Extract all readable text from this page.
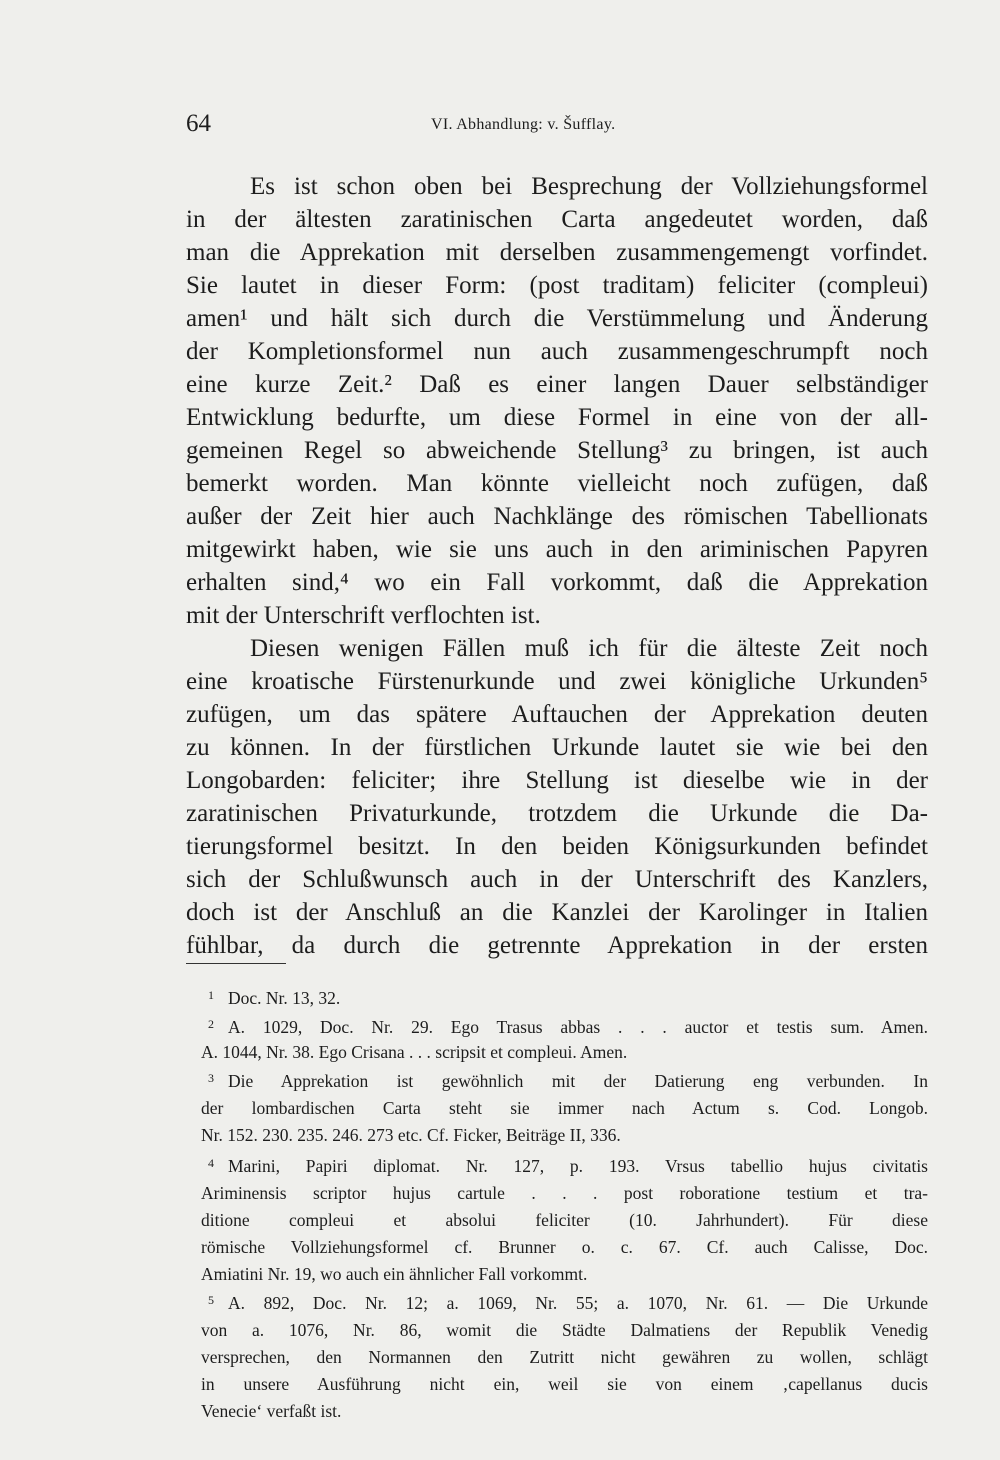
64	VI. Abhandlung: v. Šufflay.
Es ist schon oben bei Besprechung der Vollziehungsformel
in der ältesten zaratinischen Carta angedeutet worden, daß
man die Apprekation mit derselben zusammengemengt vorfindet.
Sie lautet in dieser Form: (post traditam) feliciter (compleui)
amen¹ und hält sich durch die Verstümmelung und Änderung
der Kompletionsformel nun auch zusammengeschrumpft noch
eine kurze Zeit.² Daß es einer langen Dauer selbständiger
Entwicklung bedurfte, um diese Formel in eine von der all-
gemeinen Regel so abweichende Stellung³ zu bringen, ist auch
bemerkt worden. Man könnte vielleicht noch zufügen, daß
außer der Zeit hier auch Nachklänge des römischen Tabellionats
mitgewirkt haben, wie sie uns auch in den ariminischen Papyren
erhalten sind,⁴ wo ein Fall vorkommt, daß die Apprekation
mit der Unterschrift verflochten ist.
Diesen wenigen Fällen muß ich für die älteste Zeit noch
eine kroatische Fürstenurkunde und zwei königliche Urkunden⁵
zufügen, um das spätere Auftauchen der Apprekation deuten
zu können. In der fürstlichen Urkunde lautet sie wie bei den
Longobarden: feliciter; ihre Stellung ist dieselbe wie in der
zaratinischen Privaturkunde, trotzdem die Urkunde die Da-
tierungsformel besitzt. In den beiden Königsurkunden befindet
sich der Schlußwunsch auch in der Unterschrift des Kanzlers,
doch ist der Anschluß an die Kanzlei der Karolinger in Italien
fühlbar, da durch die getrennte Apprekation in der ersten
1 Doc. Nr. 13, 32.
2 A. 1029, Doc. Nr. 29. Ego Trasus abbas . . . auctor et testis sum. Amen.
A. 1044, Nr. 38. Ego Crisana . . . scripsit et compleui. Amen.
3 Die Apprekation ist gewöhnlich mit der Datierung eng verbunden. In
der lombardischen Carta steht sie immer nach Actum s. Cod. Longob.
Nr. 152. 230. 235. 246. 273 etc. Cf. Ficker, Beiträge II, 336.
4 Marini, Papiri diplomat. Nr. 127, p. 193. Vrsus tabellio hujus civitatis
Ariminensis scriptor hujus cartule . . . post roboratione testium et tra-
ditione compleui et absolui feliciter (10. Jahrhundert). Für diese
römische Vollziehungsformel cf. Brunner o. c. 67. Cf. auch Calisse, Doc.
Amiatini Nr. 19, wo auch ein ähnlicher Fall vorkommt.
5 A. 892, Doc. Nr. 12; a. 1069, Nr. 55; a. 1070, Nr. 61. — Die Urkunde
von a. 1076, Nr. 86, womit die Städte Dalmatiens der Republik Venedig
versprechen, den Normannen den Zutritt nicht gewähren zu wollen, schlägt
in unsere Ausführung nicht ein, weil sie von einem ‚capellanus ducis
Venecie‘ verfaßt ist.
